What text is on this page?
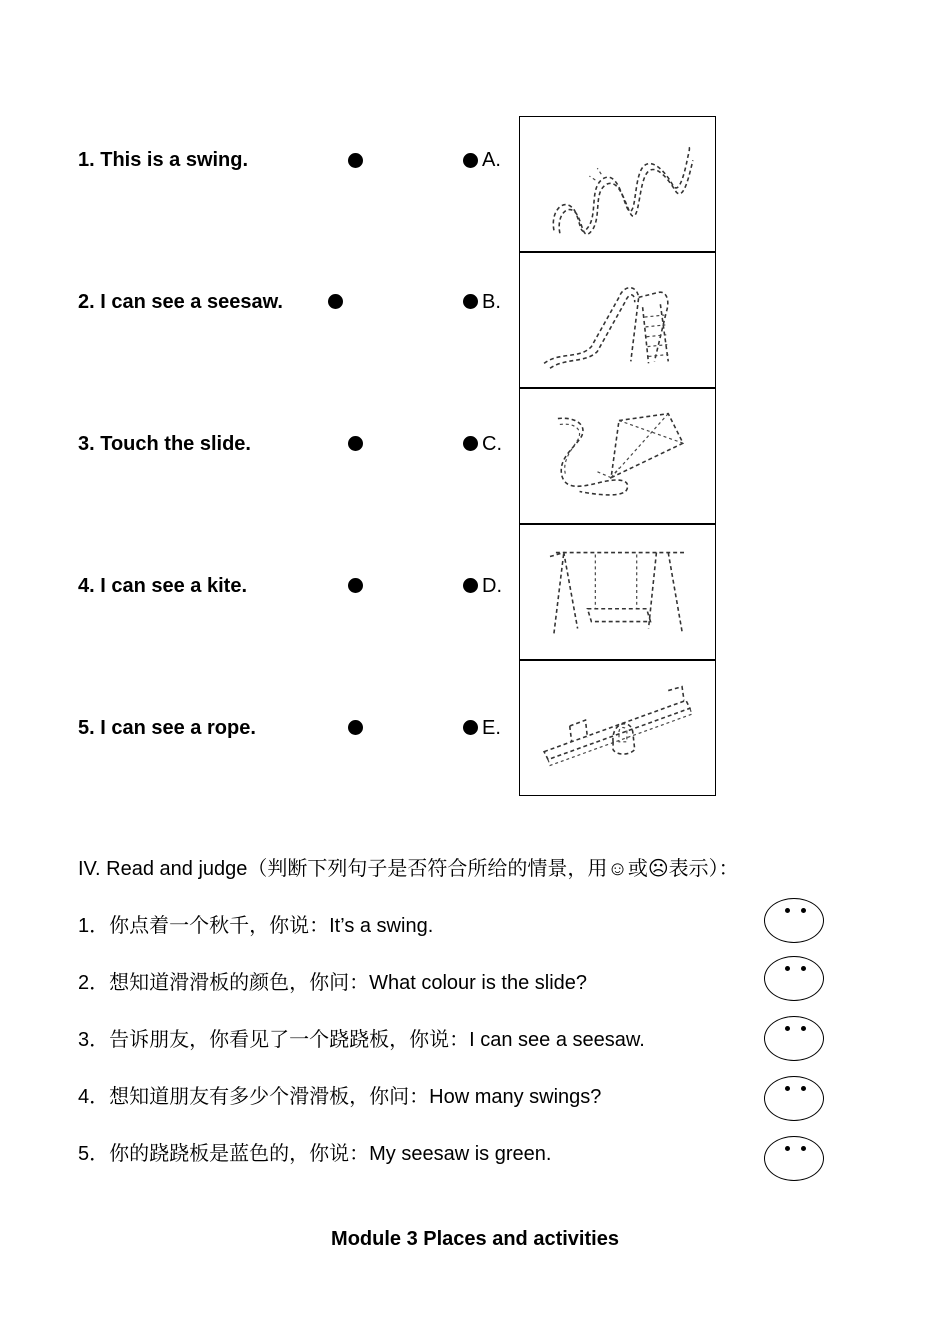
1. This is a swing.
2. I can see a seesaw.
3. Touch the slide.
4. I can see a kite.
5. I can see a rope.
A.
B.
C.
D.
E.
IV. Read and judge（判断下列句子是否符合所给的情景，用☺或☹表示）：
1．你点着一个秋千，你说：It’s a swing.
2．想知道滑滑板的颜色，你问：What colour is the slide?
3．告诉朋友，你看见了一个跷跷板，你说：I can see a seesaw.
4．想知道朋友有多少个滑滑板，你问：How many swings?
5．你的跷跷板是蓝色的，你说：My seesaw is green.
Module 3 Places and activities
